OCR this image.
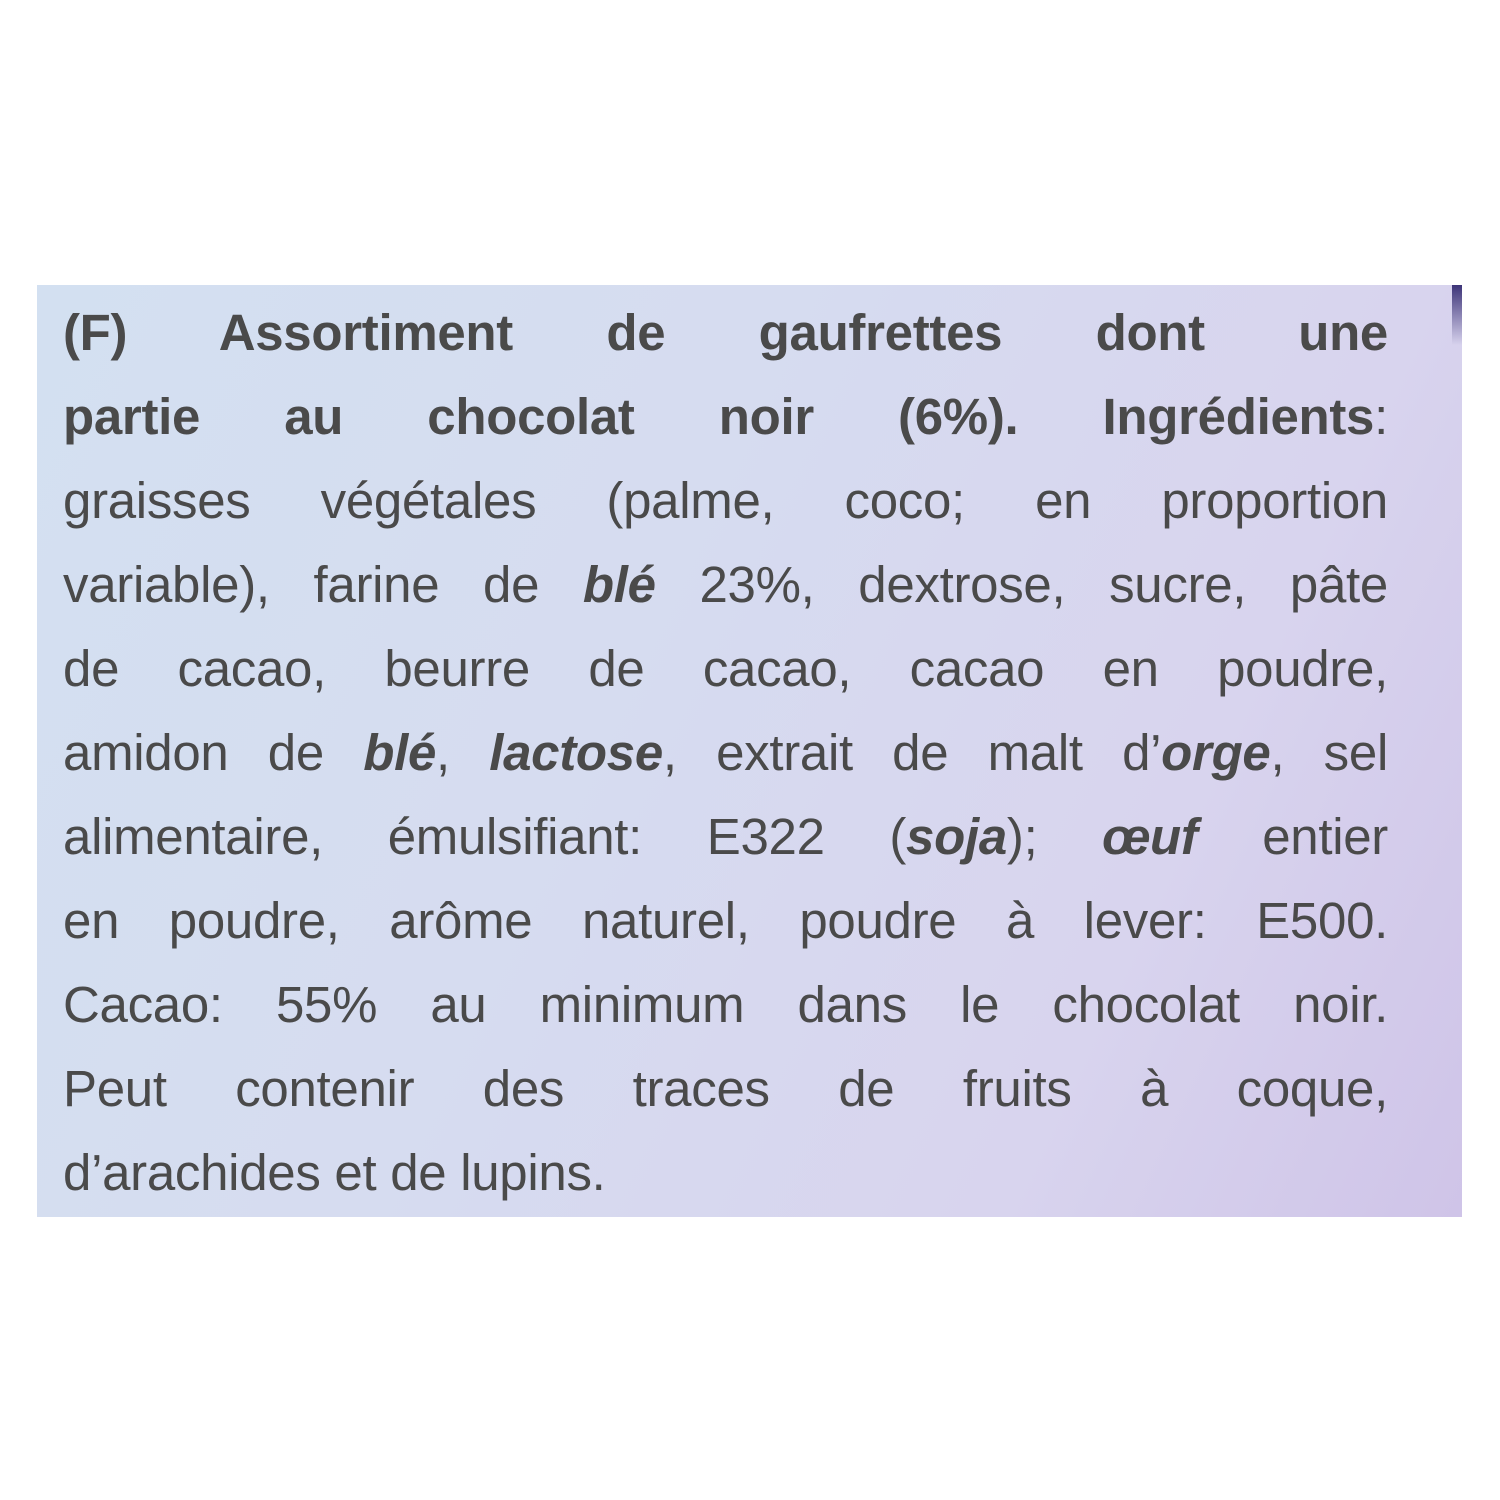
(F) Assortiment de gaufrettes dont une
partie au chocolat noir (6%). Ingrédients:
graisses végétales (palme, coco; en proportion
variable), farine de blé 23%, dextrose, sucre, pâte
de cacao, beurre de cacao, cacao en poudre,
amidon de blé, lactose, extrait de malt d’orge, sel
alimentaire, émulsifiant: E322 (soja); œuf entier
en poudre, arôme naturel, poudre à lever: E500.
Cacao: 55% au minimum dans le chocolat noir.
Peut contenir des traces de fruits à coque,
d’arachides et de lupins.
